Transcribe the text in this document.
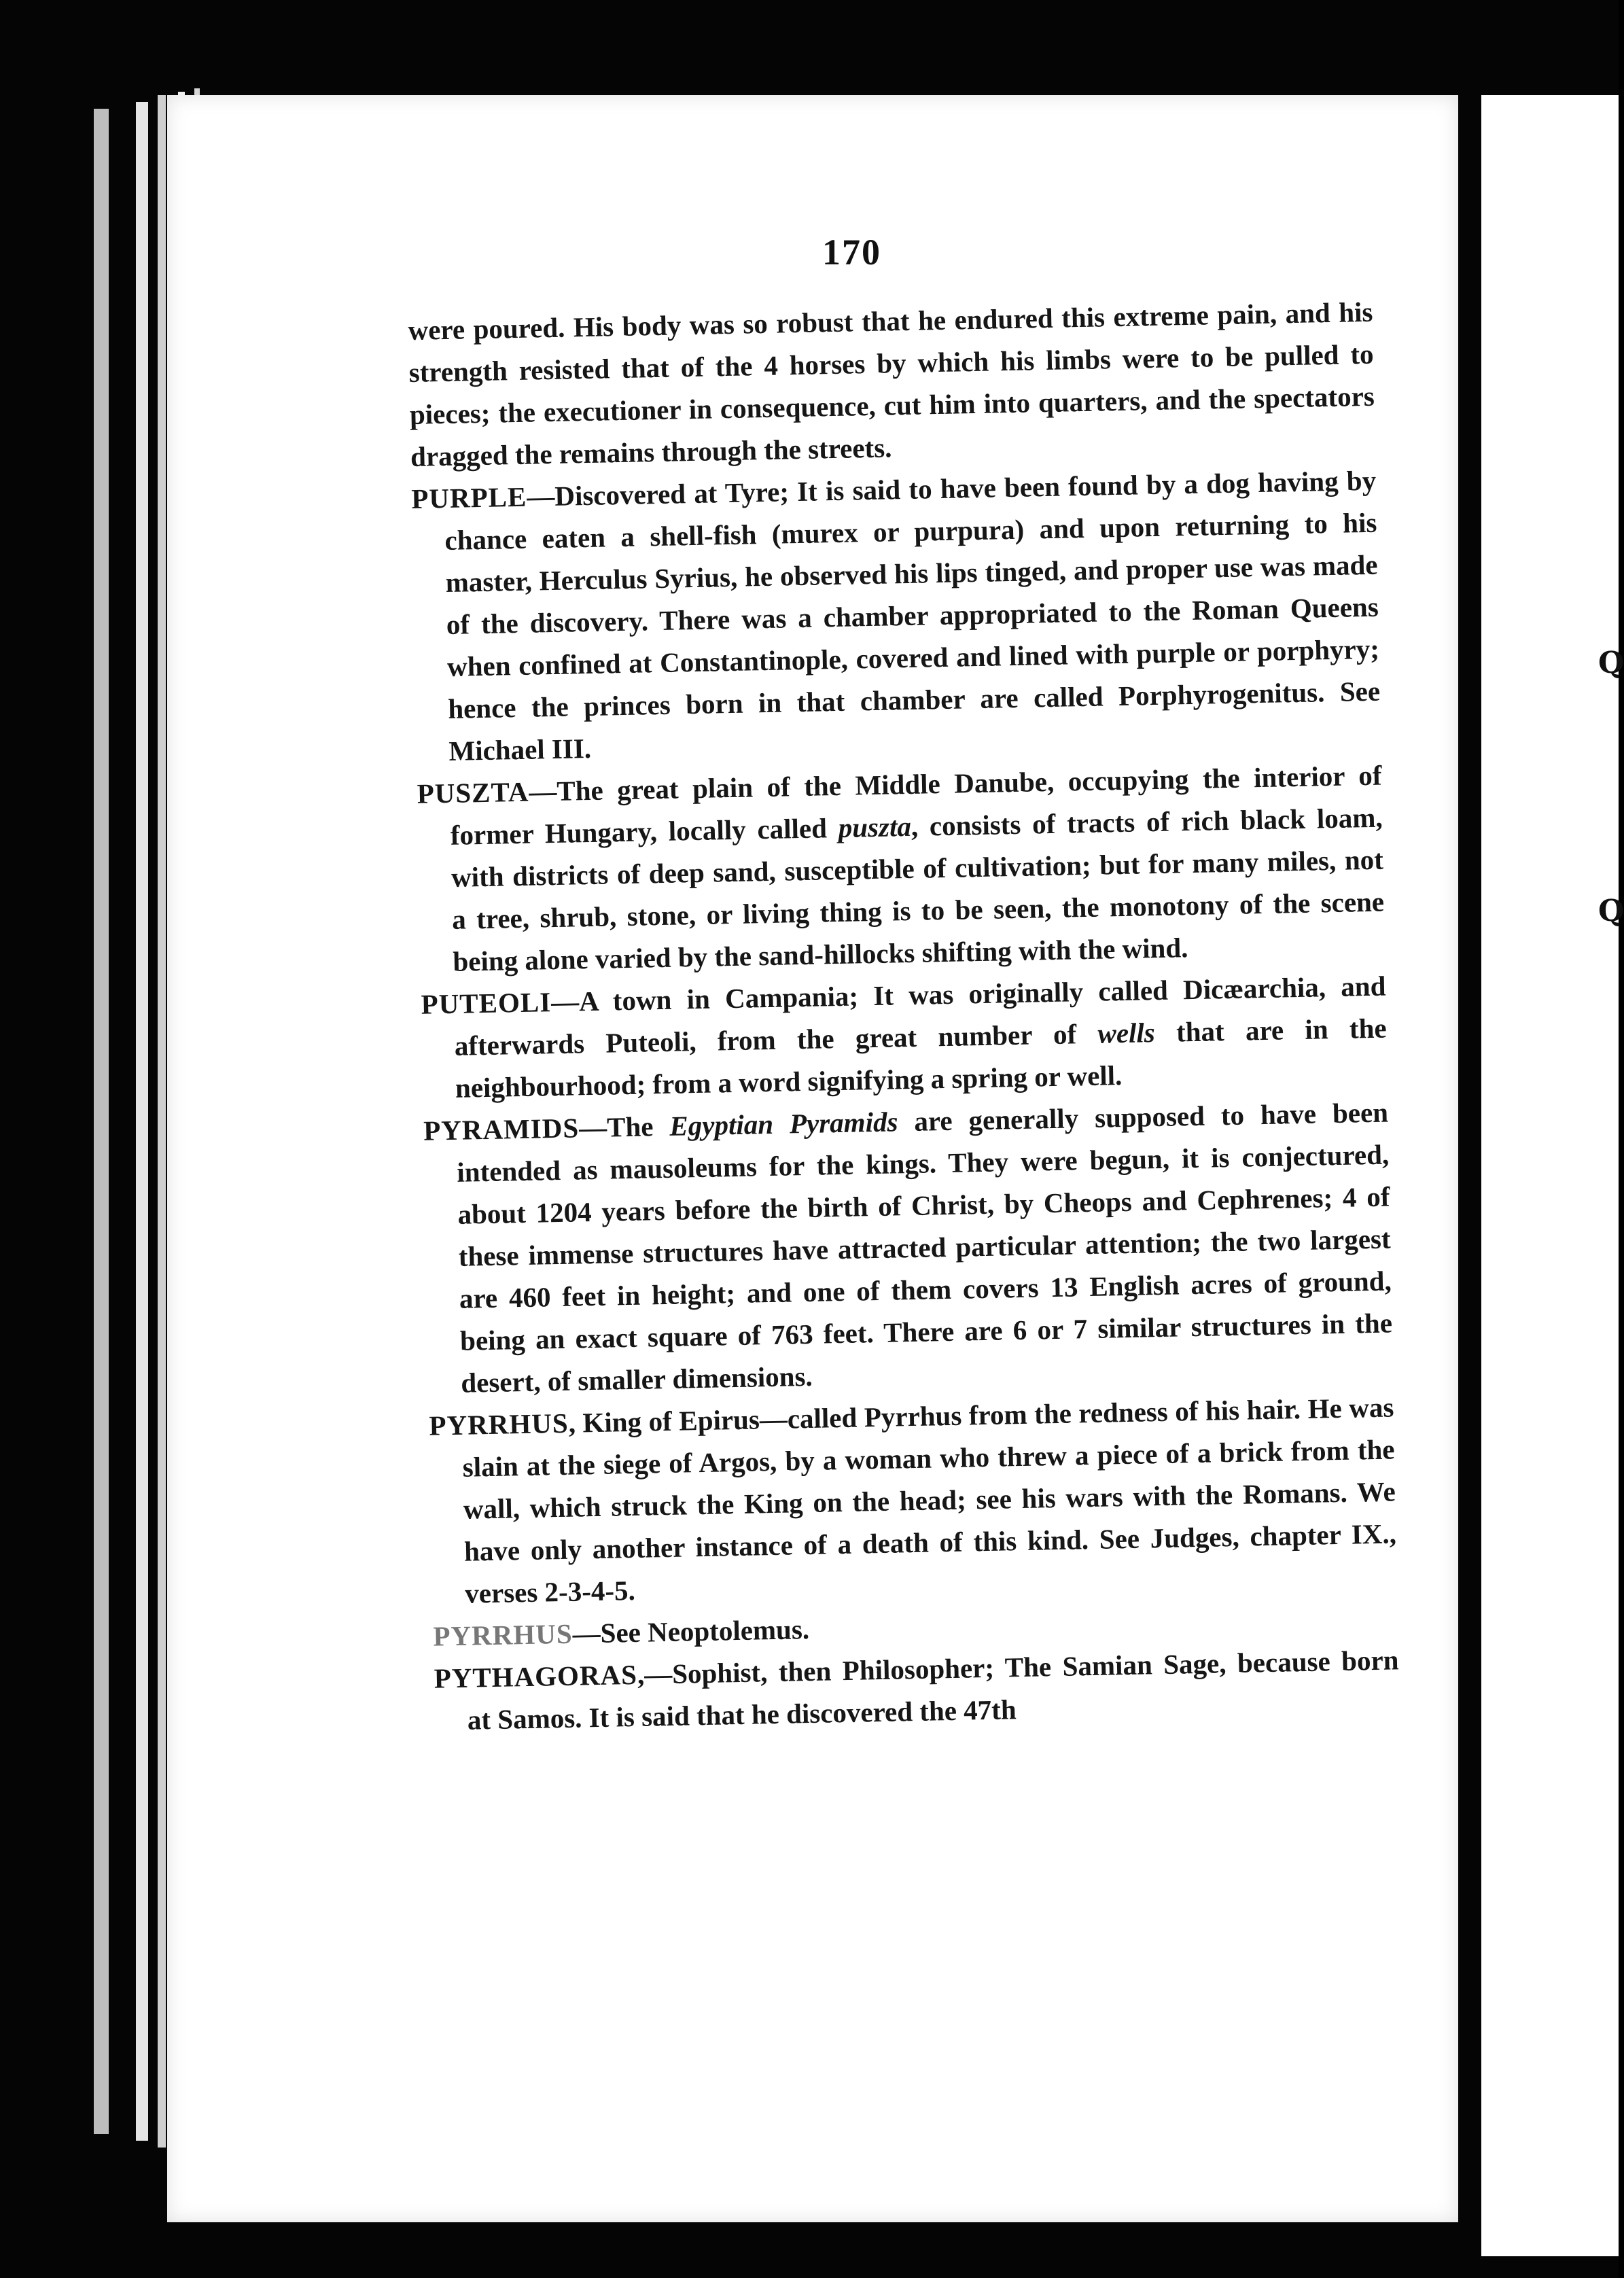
Q
Q
170

were poured. His body was so robust that he endured this extreme pain, and his strength resisted that of the 4 horses by which his limbs were to be pulled to pieces; the executioner in consequence, cut him into quarters, and the spectators dragged the remains through the streets.

PURPLE—Discovered at Tyre; It is said to have been found by a dog having by chance eaten a shell-fish (murex or purpura) and upon returning to his master, Herculus Syrius, he observed his lips tinged, and proper use was made of the discovery. There was a chamber appropriated to the Roman Queens when confined at Constantinople, covered and lined with purple or porphyry; hence the princes born in that chamber are called Porphyrogenitus. See Michael III.

PUSZTA—The great plain of the Middle Danube, occupying the interior of former Hungary, locally called puszta, consists of tracts of rich black loam, with districts of deep sand, susceptible of cultivation; but for many miles, not a tree, shrub, stone, or living thing is to be seen, the monotony of the scene being alone varied by the sand-hillocks shifting with the wind.

PUTEOLI—A town in Campania; It was originally called Dicæarchia, and afterwards Puteoli, from the great number of wells that are in the neighbourhood; from a word signifying a spring or well.

PYRAMIDS—The Egyptian Pyramids are generally supposed to have been intended as mausoleums for the kings. They were begun, it is conjectured, about 1204 years before the birth of Christ, by Cheops and Cephrenes; 4 of these immense structures have attracted particular attention; the two largest are 460 feet in height; and one of them covers 13 English acres of ground, being an exact square of 763 feet. There are 6 or 7 similar structures in the desert, of smaller dimensions.

PYRRHUS, King of Epirus—called Pyrrhus from the redness of his hair. He was slain at the siege of Argos, by a woman who threw a piece of a brick from the wall, which struck the King on the head; see his wars with the Romans. We have only another instance of a death of this kind. See Judges, chapter IX., verses 2-3-4-5.

PYRRHUS—See Neoptolemus.

PYTHAGORAS,—Sophist, then Philosopher; The Samian Sage, because born at Samos. It is said that he discovered the 47th
